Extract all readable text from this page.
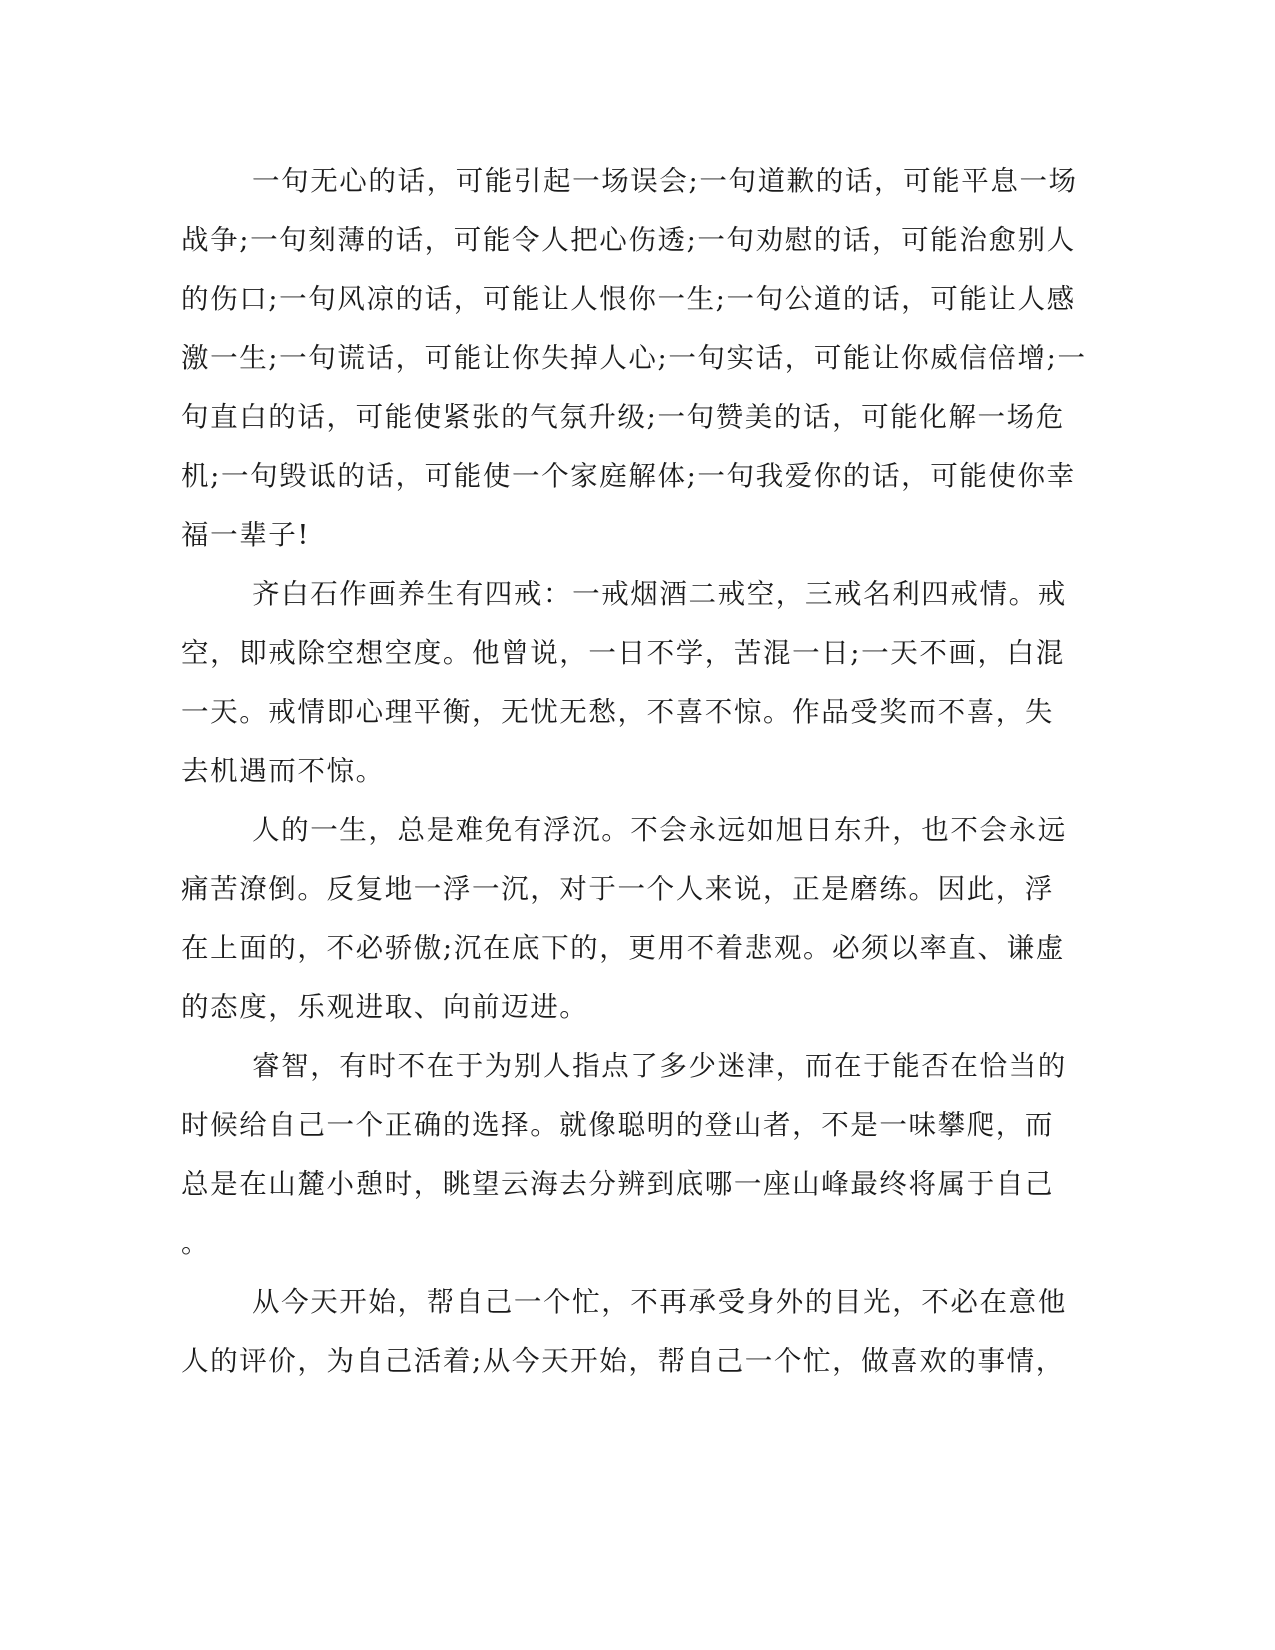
一句无心的话，可能引起一场误会;一句道歉的话，可能平息一场

战争;一句刻薄的话，可能令人把心伤透;一句劝慰的话，可能治愈别人

的伤口;一句风凉的话，可能让人恨你一生;一句公道的话，可能让人感

激一生;一句谎话，可能让你失掉人心;一句实话，可能让你威信倍增;一

句直白的话，可能使紧张的气氛升级;一句赞美的话，可能化解一场危

机;一句毁诋的话，可能使一个家庭解体;一句我爱你的话，可能使你幸

福一辈子!

齐白石作画养生有四戒：一戒烟酒二戒空，三戒名利四戒情。戒

空，即戒除空想空度。他曾说，一日不学，苦混一日;一天不画，白混

一天。戒情即心理平衡，无忧无愁，不喜不惊。作品受奖而不喜，失

去机遇而不惊。

人的一生，总是难免有浮沉。不会永远如旭日东升，也不会永远

痛苦潦倒。反复地一浮一沉，对于一个人来说，正是磨练。因此，浮

在上面的，不必骄傲;沉在底下的，更用不着悲观。必须以率直、谦虚

的态度，乐观进取、向前迈进。

睿智，有时不在于为别人指点了多少迷津，而在于能否在恰当的

时候给自己一个正确的选择。就像聪明的登山者，不是一味攀爬，而

总是在山麓小憩时，眺望云海去分辨到底哪一座山峰最终将属于自己

。

从今天开始，帮自己一个忙，不再承受身外的目光，不必在意他

人的评价，为自己活着;从今天开始，帮自己一个忙，做喜欢的事情，
